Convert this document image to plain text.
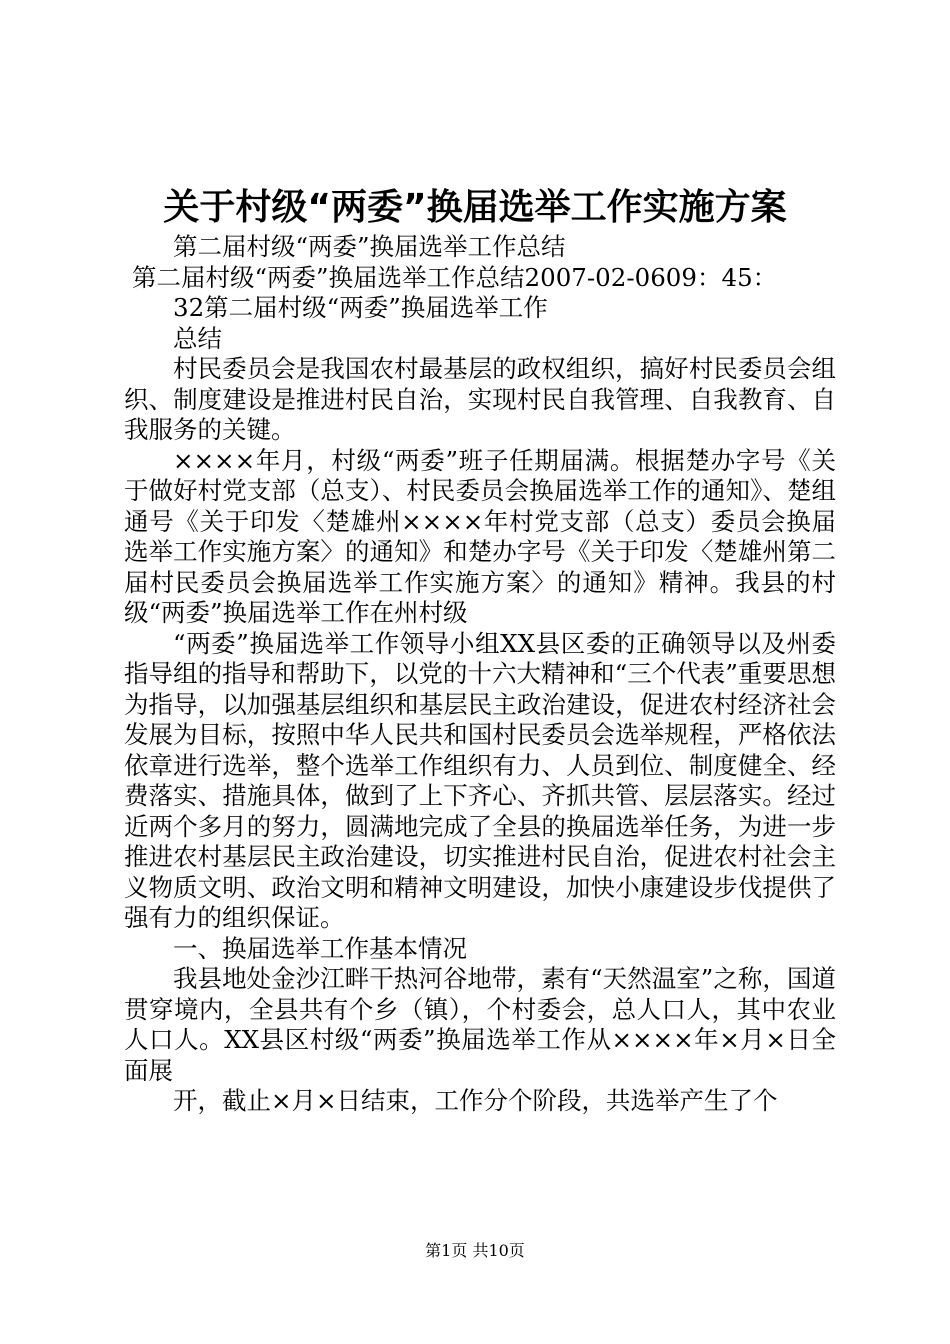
关于村级“两委”换届选举工作实施方案

第二届村级“两委”换届选举工作总结

第二届村级“两委”换届选举工作总结2007-02-0609：45：

32第二届村级“两委”换届选举工作

总结

村民委员会是我国农村最基层的政权组织，搞好村民委员会组织、制度建设是推进村民自治，实现村民自我管理、自我教育、自我服务的关键。

××××年月，村级“两委”班子任期届满。根据楚办字号《关于做好村党支部（总支）、村民委员会换届选举工作的通知》、楚组通号《关于印发〈楚雄州××××年村党支部（总支）委员会换届选举工作实施方案〉的通知》和楚办字号《关于印发〈楚雄州第二届村民委员会换届选举工作实施方案〉的通知》精神。我县的村级“两委”换届选举工作在州村级

“两委”换届选举工作领导小组XX县区委的正确领导以及州委指导组的指导和帮助下，以党的十六大精神和“三个代表”重要思想为指导，以加强基层组织和基层民主政治建设，促进农村经济社会发展为目标，按照中华人民共和国村民委员会选举规程，严格依法依章进行选举，整个选举工作组织有力、人员到位、制度健全、经费落实、措施具体，做到了上下齐心、齐抓共管、层层落实。经过近两个多月的努力，圆满地完成了全县的换届选举任务，为进一步推进农村基层民主政治建设，切实推进村民自治，促进农村社会主义物质文明、政治文明和精神文明建设，加快小康建设步伐提供了强有力的组织保证。

一、换届选举工作基本情况

我县地处金沙江畔干热河谷地带，素有“天然温室”之称，国道贯穿境内，全县共有个乡（镇），个村委会，总人口人，其中农业人口人。XX县区村级“两委”换届选举工作从××××年×月×日全面展

开，截止×月×日结束，工作分个阶段，共选举产生了个

第1页 共10页
